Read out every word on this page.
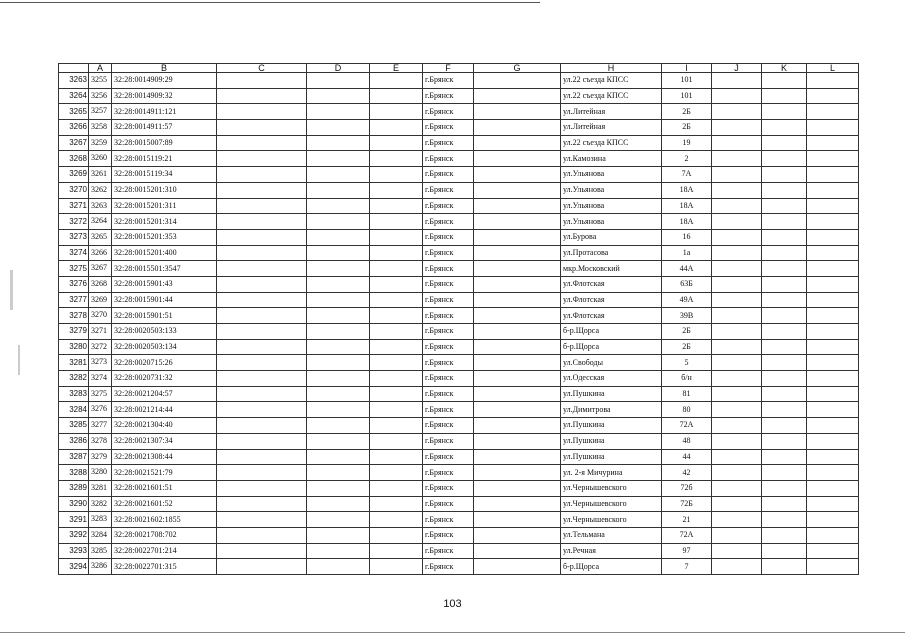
	A	B	C	D	E	F	G	H	I	J	K	L
3263	3255	32:28:0014909:29				г.Брянск		ул.22 съезда КПСС	101			
3264	3256	32:28:0014909:32				г.Брянск		ул.22 съезда КПСС	101			
3265	3257	32:28:0014911:121				г.Брянск		ул.Литейная	2Б			
3266	3258	32:28:0014911:57				г.Брянск		ул.Литейная	2Б			
3267	3259	32:28:0015007:89				г.Брянск		ул.22 съезда КПСС	19			
3268	3260	32:28:0015119:21				г.Брянск		ул.Камозина	2			
3269	3261	32:28:0015119:34				г.Брянск		ул.Ульянова	7А			
3270	3262	32:28:0015201:310				г.Брянск		ул.Ульянова	18А			
3271	3263	32:28:0015201:311				г.Брянск		ул.Ульянова	18А			
3272	3264	32:28:0015201:314				г.Брянск		ул.Ульянова	18А			
3273	3265	32:28:0015201:353				г.Брянск		ул.Бурова	16			
3274	3266	32:28:0015201:400				г.Брянск		ул.Протасова	1а			
3275	3267	32:28:0015501:3547				г.Брянск		мкр.Московский	44А			
3276	3268	32:28:0015901:43				г.Брянск		ул.Флотская	63Б			
3277	3269	32:28:0015901:44				г.Брянск		ул.Флотская	49А			
3278	3270	32:28:0015901:51				г.Брянск		ул.Флотская	39В			
3279	3271	32:28:0020503:133				г.Брянск		б-р.Щорса	2Б			
3280	3272	32:28:0020503:134				г.Брянск		б-р.Щорса	2Б			
3281	3273	32:28:0020715:26				г.Брянск		ул.Свободы	5			
3282	3274	32:28:0020731:32				г.Брянск		ул.Одесская	б/н			
3283	3275	32:28:0021204:57				г.Брянск		ул.Пушкина	81			
3284	3276	32:28:0021214:44				г.Брянск		ул.Димитрова	80			
3285	3277	32:28:0021304:40				г.Брянск		ул.Пушкина	72А			
3286	3278	32:28:0021307:34				г.Брянск		ул.Пушкина	48			
3287	3279	32:28:0021308:44				г.Брянск		ул.Пушкина	44			
3288	3280	32:28:0021521:79				г.Брянск		ул. 2-я Мичурина	42			
3289	3281	32:28:0021601:51				г.Брянск		ул.Чернышевского	72б			
3290	3282	32:28:0021601:52				г.Брянск		ул.Чернышевского	72Б			
3291	3283	32:28:0021602:1855				г.Брянск		ул.Чернышевского	21			
3292	3284	32:28:0021708:702				г.Брянск		ул.Тельмана	72А			
3293	3285	32:28:0022701:214				г.Брянск		ул.Речная	97			
3294	3286	32:28:0022701:315				г.Брянск		б-р.Щорса	7			
103
